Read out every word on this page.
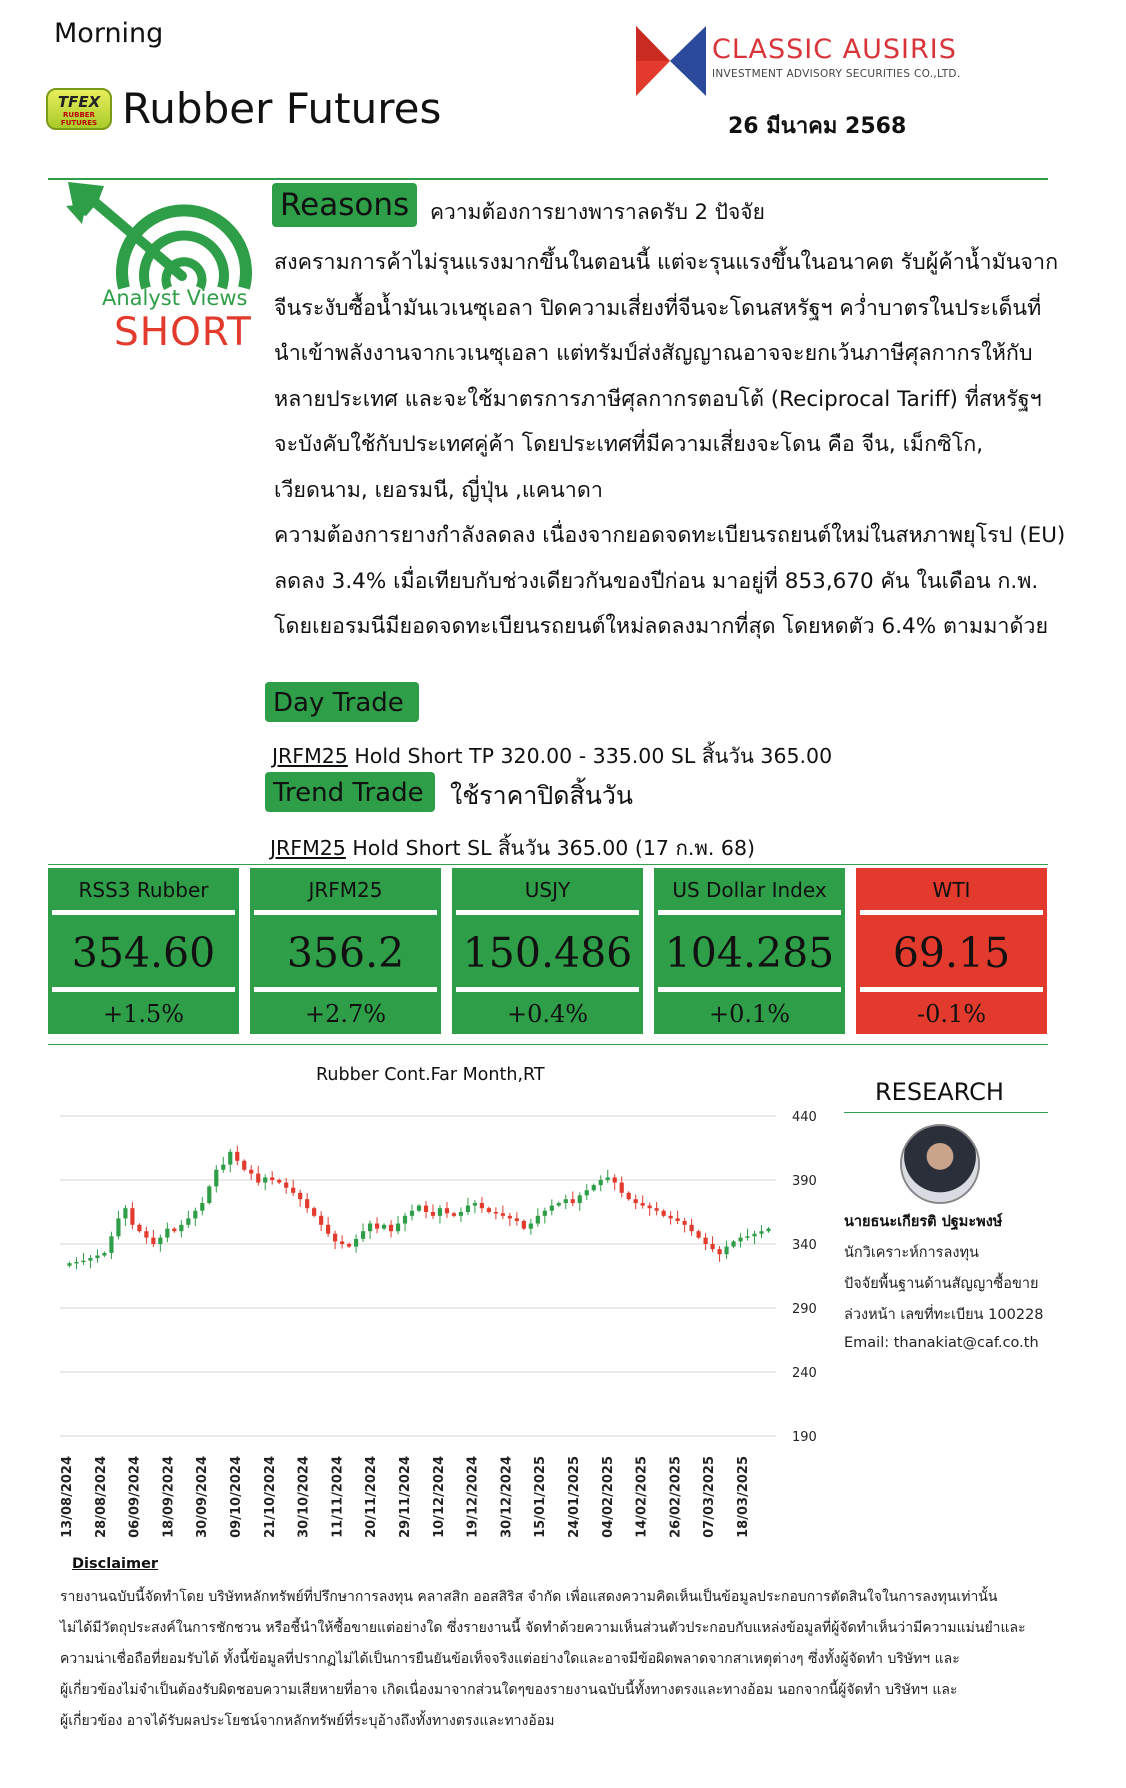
Morning
TFEX
RUBBER FUTURES Rubber Futures
CLASSIC AUSIRIS
INVESTMENT ADVISORY SECURITIES CO.,LTD.
26 มีนาคม 2568
Analyst Views
SHORT
Reasons ความต้องการยางพาราลดรับ 2 ปัจจัย
สงครามการค้าไม่รุนแรงมากขึ้นในตอนนี้ แต่จะรุนแรงขึ้นในอนาคต รับผู้ค้าน้ำมันจาก
จีนระงับซื้อน้ำมันเวเนซุเอลา ปิดความเสี่ยงที่จีนจะโดนสหรัฐฯ คว่ำบาตรในประเด็นที่
นำเข้าพลังงานจากเวเนซุเอลา แต่ทรัมป์ส่งสัญญาณอาจจะยกเว้นภาษีศุลกากรให้กับ
หลายประเทศ และจะใช้มาตรการภาษีศุลกากรตอบโต้ (Reciprocal Tariff) ที่สหรัฐฯ
จะบังคับใช้กับประเทศคู่ค้า โดยประเทศที่มีความเสี่ยงจะโดน คือ จีน, เม็กซิโก,
เวียดนาม, เยอรมนี, ญี่ปุ่น ,แคนาดา
ความต้องการยางกำลังลดลง เนื่องจากยอดจดทะเบียนรถยนต์ใหม่ในสหภาพยุโรป (EU)
ลดลง 3.4% เมื่อเทียบกับช่วงเดียวกันของปีก่อน มาอยู่ที่ 853,670 คัน ในเดือน ก.พ.
โดยเยอรมนีมียอดจดทะเบียนรถยนต์ใหม่ลดลงมากที่สุด โดยหดตัว 6.4% ตามมาด้วย
Day Trade
JRFM25 Hold Short TP 320.00 - 335.00 SL สิ้นวัน 365.00
Trend Trade	ใช้ราคาปิดสิ้นวัน
JRFM25 Hold Short SL สิ้นวัน 365.00 (17 ก.พ. 68)
RSS3 Rubber
354.60
+1.5%
JRFM25
356.2
+2.7%
USJY
150.486
+0.4%
US Dollar Index
104.285
+0.1%
WTI
69.15
-0.1%
Rubber Cont.Far Month,RT
440
390
340
290
240
190
13/08/2024 28/08/2024 06/09/2024 18/09/2024 30/09/2024 09/10/2024 21/10/2024 30/10/2024 11/11/2024 20/11/2024 29/11/2024 10/12/2024 19/12/2024 30/12/2024 15/01/2025 24/01/2025 04/02/2025 14/02/2025 26/02/2025 07/03/2025 18/03/2025
RESEARCH
นายธนะเกียรติ ปฐมะพงษ์
นักวิเคราะห์การลงทุน
ปัจจัยพื้นฐานด้านสัญญาซื้อขาย
ล่วงหน้า เลขที่ทะเบียน 100228
Email: thanakiat@caf.co.th
Disclaimer
รายงานฉบับนี้จัดทำโดย บริษัทหลักทรัพย์ที่ปรึกษาการลงทุน คลาสสิก ออสสิริส จำกัด เพื่อแสดงความคิดเห็นเป็นข้อมูลประกอบการตัดสินใจในการลงทุนเท่านั้น
ไม่ได้มีวัตถุประสงค์ในการชักชวน หรือชี้นำให้ซื้อขายแต่อย่างใด ซึ่งรายงานนี้ จัดทำด้วยความเห็นส่วนตัวประกอบกับแหล่งข้อมูลที่ผู้จัดทำเห็นว่ามีความแม่นยำและ
ความน่าเชื่อถือที่ยอมรับได้ ทั้งนี้ข้อมูลที่ปรากฏไม่ได้เป็นการยืนยันข้อเท็จจริงแต่อย่างใดและอาจมีข้อผิดพลาดจากสาเหตุต่างๆ ซึ่งทั้งผู้จัดทำ บริษัทฯ และ
ผู้เกี่ยวข้องไม่จำเป็นต้องรับผิดชอบความเสียหายที่อาจ เกิดเนื่องมาจากส่วนใดๆของรายงานฉบับนี้ทั้งทางตรงและทางอ้อม นอกจากนี้ผู้จัดทำ บริษัทฯ และ
ผู้เกี่ยวข้อง อาจได้รับผลประโยชน์จากหลักทรัพย์ที่ระบุอ้างถึงทั้งทางตรงและทางอ้อม
